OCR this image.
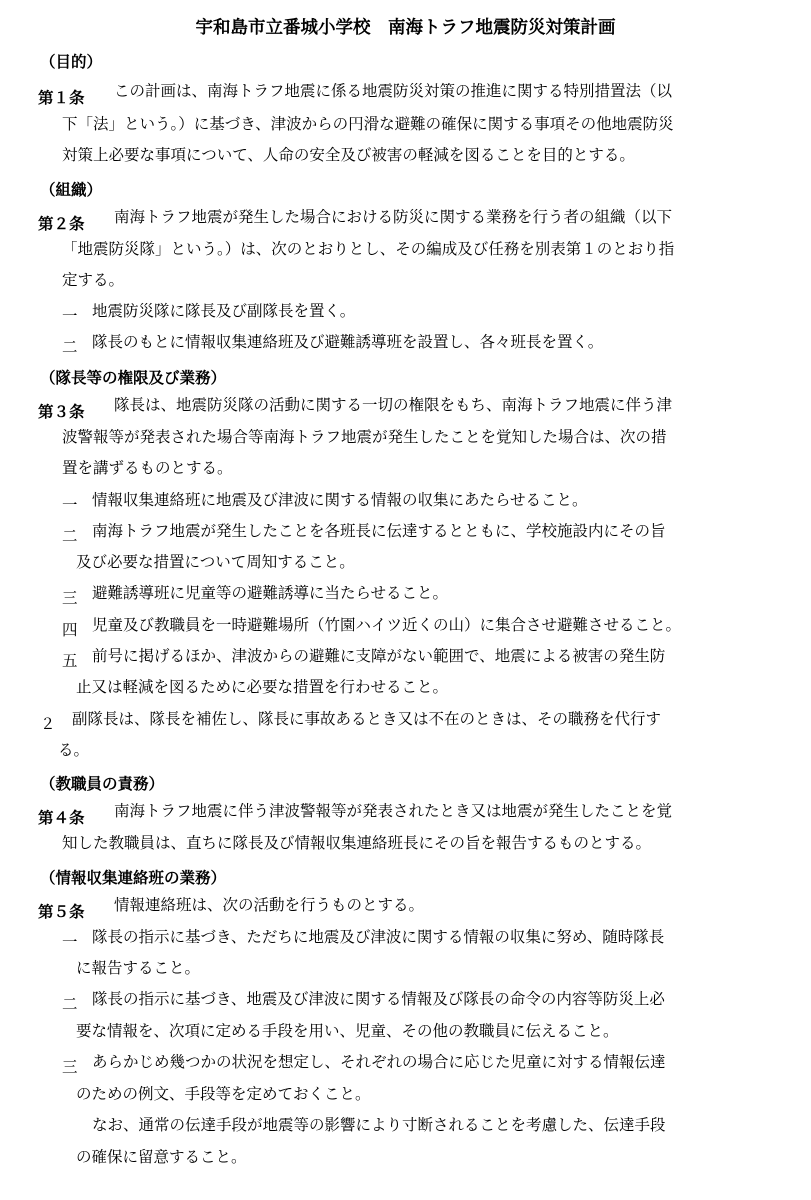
宇和島市立番城小学校　南海トラフ地震防災対策計画
（目的）
第１条 この計画は、南海トラフ地震に係る地震防災対策の推進に関する特別措置法（以
下「法」という。）に基づき、津波からの円滑な避難の確保に関する事項その他地震防災
対策上必要な事項について、人命の安全及び被害の軽減を図ることを目的とする。
（組織）
第２条 南海トラフ地震が発生した場合における防災に関する業務を行う者の組織（以下
「地震防災隊」という。）は、次のとおりとし、その編成及び任務を別表第１のとおり指
定する。
一 地震防災隊に隊長及び副隊長を置く。
二 隊長のもとに情報収集連絡班及び避難誘導班を設置し、各々班長を置く。
（隊長等の権限及び業務）
第３条 隊長は、地震防災隊の活動に関する一切の権限をもち、南海トラフ地震に伴う津
波警報等が発表された場合等南海トラフ地震が発生したことを覚知した場合は、次の措
置を講ずるものとする。
一 情報収集連絡班に地震及び津波に関する情報の収集にあたらせること。
二 南海トラフ地震が発生したことを各班長に伝達するとともに、学校施設内にその旨
及び必要な措置について周知すること。
三 避難誘導班に児童等の避難誘導に当たらせること。
四 児童及び教職員を一時避難場所（竹園ハイツ近くの山）に集合させ避難させること。
五 前号に掲げるほか、津波からの避難に支障がない範囲で、地震による被害の発生防
止又は軽減を図るために必要な措置を行わせること。
２ 副隊長は、隊長を補佐し、隊長に事故あるとき又は不在のときは、その職務を代行す
る。
（教職員の責務）
第４条 南海トラフ地震に伴う津波警報等が発表されたとき又は地震が発生したことを覚
知した教職員は、直ちに隊長及び情報収集連絡班長にその旨を報告するものとする。
（情報収集連絡班の業務）
第５条 情報連絡班は、次の活動を行うものとする。
一 隊長の指示に基づき、ただちに地震及び津波に関する情報の収集に努め、随時隊長
に報告すること。
二 隊長の指示に基づき、地震及び津波に関する情報及び隊長の命令の内容等防災上必
要な情報を、次項に定める手段を用い、児童、その他の教職員に伝えること。
三 あらかじめ幾つかの状況を想定し、それぞれの場合に応じた児童に対する情報伝達
のための例文、手段等を定めておくこと。
なお、通常の伝達手段が地震等の影響により寸断されることを考慮した、伝達手段
の確保に留意すること。
